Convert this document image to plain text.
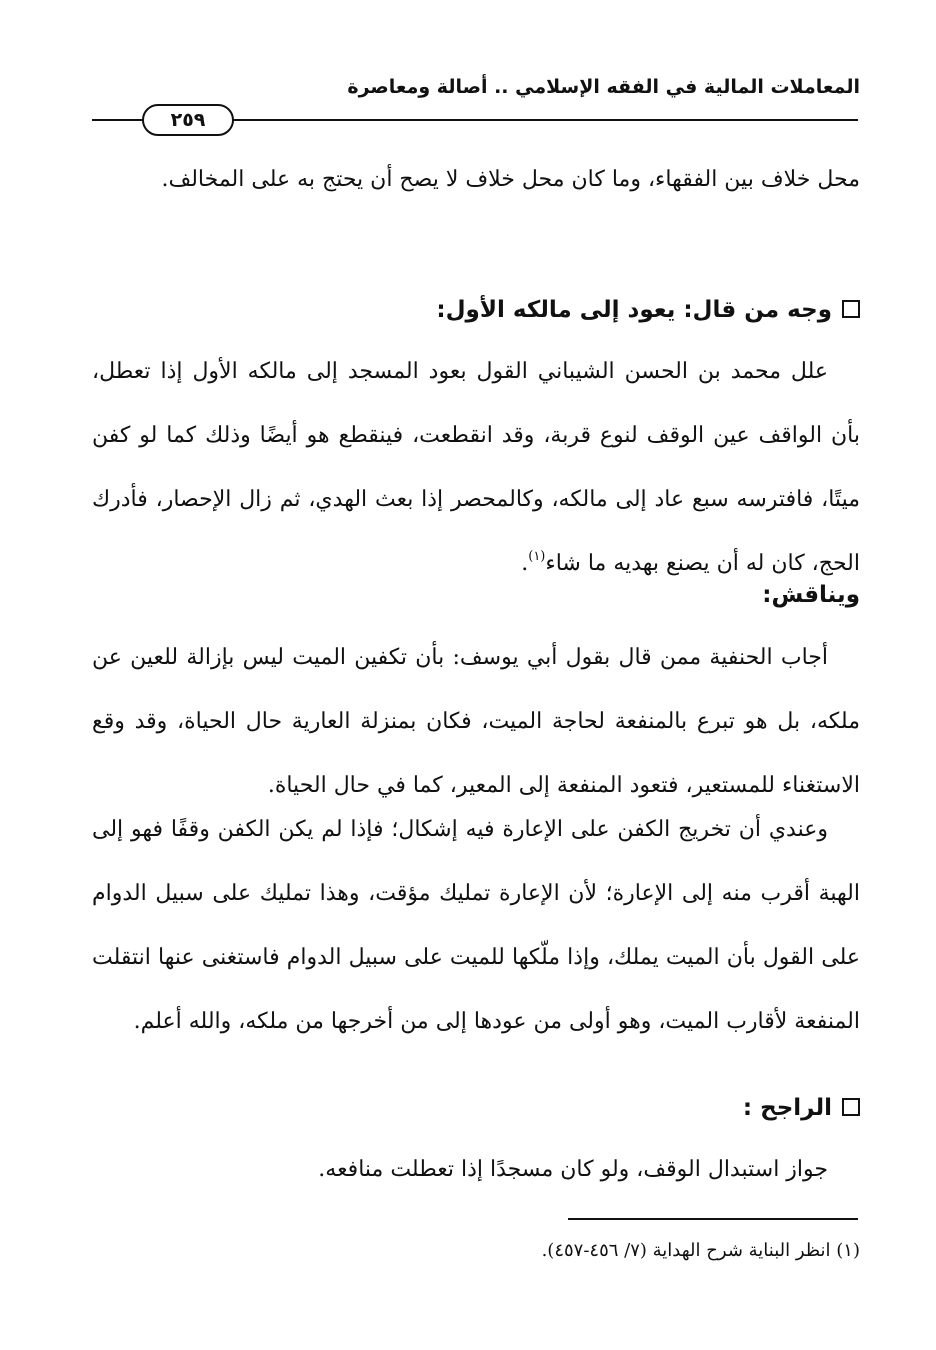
المعاملات المالية في الفقه الإسلامي .. أصالة ومعاصرة
٢٥٩

محل خلاف بين الفقهاء، وما كان محل خلاف لا يصح أن يحتج به على المخالف.

وجه من قال: يعود إلى مالكه الأول:

علل محمد بن الحسن الشيباني القول بعود المسجد إلى مالكه الأول إذا تعطل، بأن الواقف عين الوقف لنوع قربة، وقد انقطعت، فينقطع هو أيضًا وذلك كما لو كفن ميتًا، فافترسه سبع عاد إلى مالكه، وكالمحصر إذا بعث الهدي، ثم زال الإحصار، فأدرك الحج، كان له أن يصنع بهديه ما شاء$^{(١)}$.

ويناقش:

أجاب الحنفية ممن قال بقول أبي يوسف: بأن تكفين الميت ليس بإزالة للعين عن ملكه، بل هو تبرع بالمنفعة لحاجة الميت، فكان بمنزلة العارية حال الحياة، وقد وقع الاستغناء للمستعير، فتعود المنفعة إلى المعير، كما في حال الحياة.

وعندي أن تخريج الكفن على الإعارة فيه إشكال؛ فإذا لم يكن الكفن وقفًا فهو إلى الهبة أقرب منه إلى الإعارة؛ لأن الإعارة تمليك مؤقت، وهذا تمليك على سبيل الدوام على القول بأن الميت يملك، وإذا ملّكها للميت على سبيل الدوام فاستغنى عنها انتقلت المنفعة لأقارب الميت، وهو أولى من عودها إلى من أخرجها من ملكه، والله أعلم.

الراجح :

جواز استبدال الوقف، ولو كان مسجدًا إذا تعطلت منافعه.

(١) انظر البناية شرح الهداية (٧/ ٤٥٦-٤٥٧).
